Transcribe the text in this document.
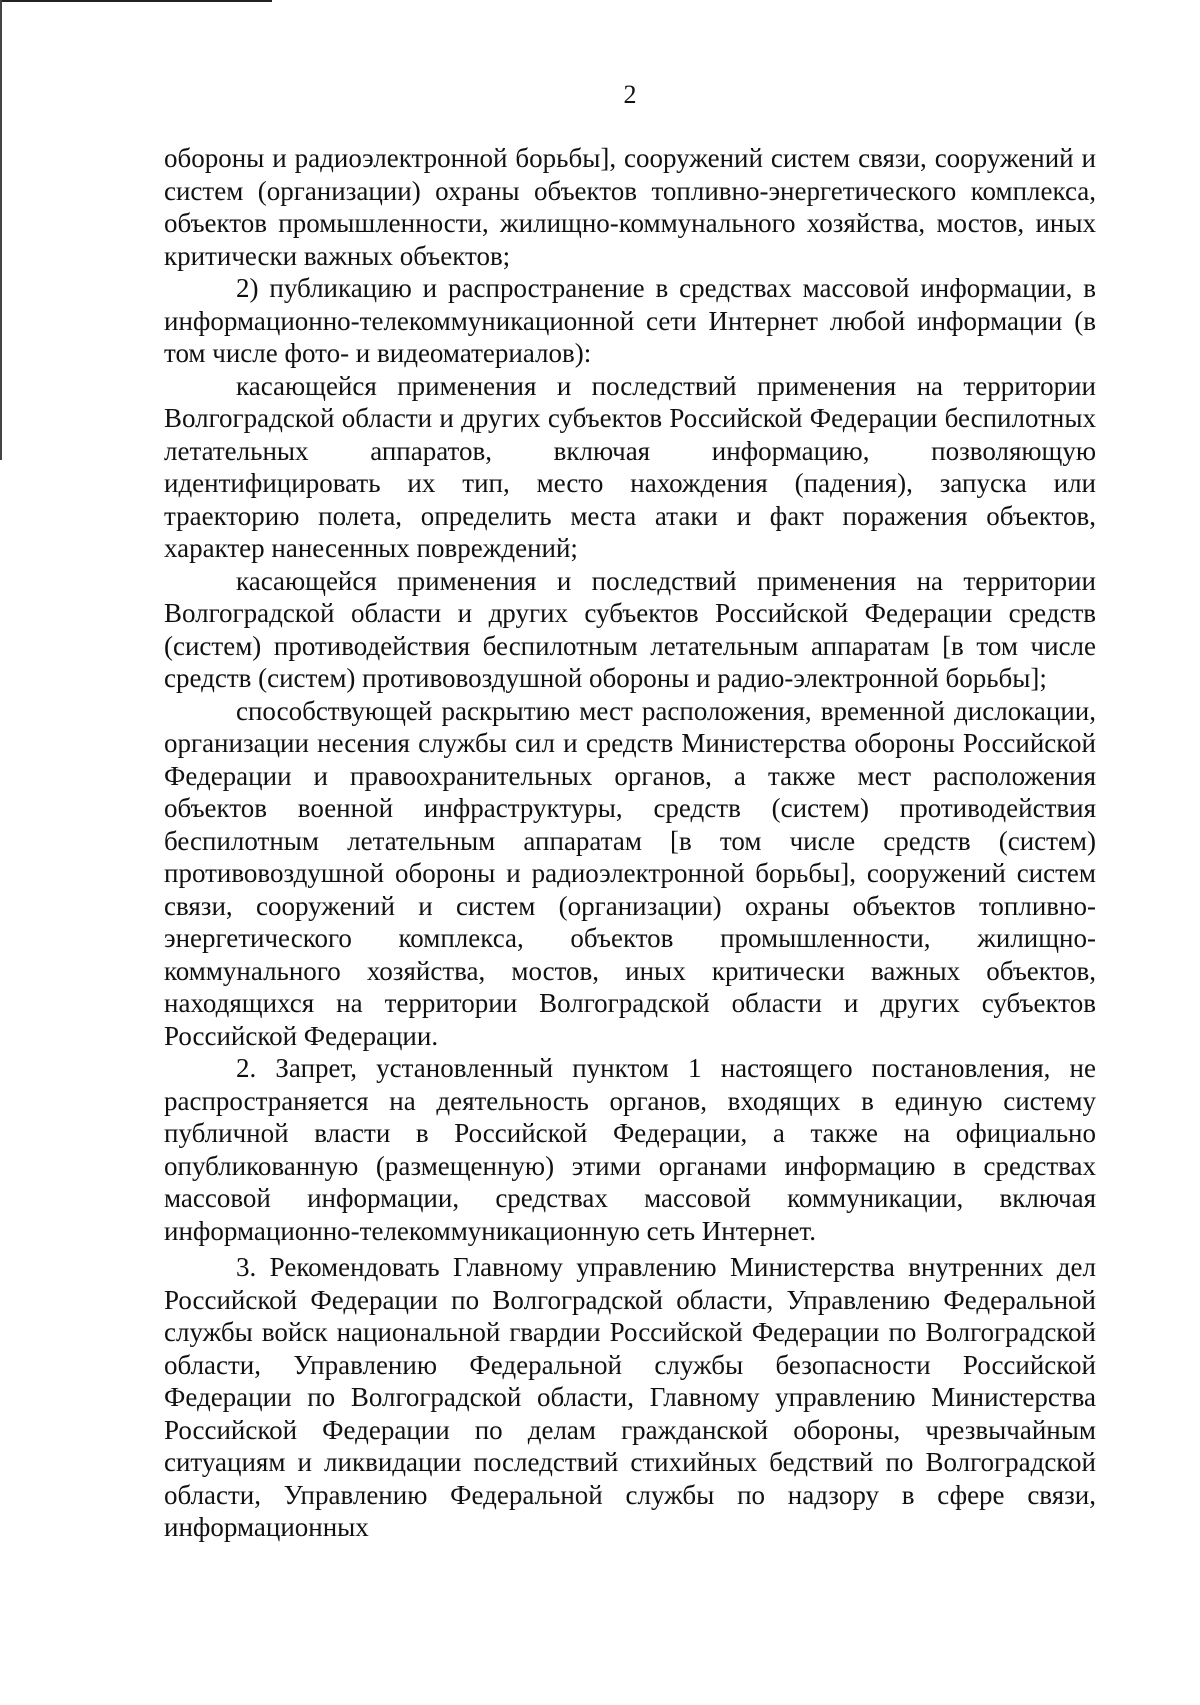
2

обороны и радиоэлектронной борьбы], сооружений систем связи, сооружений и систем (организации) охраны объектов топливно-энергетического комплекса, объектов промышленности, жилищно-коммунального хозяйства, мостов, иных критически важных объектов;

2) публикацию и распространение в средствах массовой информации, в информационно-телекоммуникационной сети Интернет любой информации (в том числе фото- и видеоматериалов):

касающейся применения и последствий применения на территории Волгоградской области и других субъектов Российской Федерации беспилотных летательных аппаратов, включая информацию, позволяющую идентифицировать их тип, место нахождения (падения), запуска или траекторию полета, определить места атаки и факт поражения объектов, характер нанесенных повреждений;

касающейся применения и последствий применения на территории Волгоградской области и других субъектов Российской Федерации средств (систем) противодействия беспилотным летательным аппаратам [в том числе средств (систем) противовоздушной обороны и радио-электронной борьбы];

способствующей раскрытию мест расположения, временной дислокации, организации несения службы сил и средств Министерства обороны Российской Федерации и правоохранительных органов, а также мест расположения объектов военной инфраструктуры, средств (систем) противодействия беспилотным летательным аппаратам [в том числе средств (систем) противовоздушной обороны и радиоэлектронной борьбы], сооружений систем связи, сооружений и систем (организации) охраны объектов топливно-энергетического комплекса, объектов промышленности, жилищно-коммунального хозяйства, мостов, иных критически важных объектов, находящихся на территории Волгоградской области и других субъектов Российской Федерации.

2. Запрет, установленный пунктом 1 настоящего постановления, не распространяется на деятельность органов, входящих в единую систему публичной власти в Российской Федерации, а также на официально опубликованную (размещенную) этими органами информацию в средствах массовой информации, средствах массовой коммуникации, включая информационно-телекоммуникационную сеть Интернет.

3. Рекомендовать Главному управлению Министерства внутренних дел Российской Федерации по Волгоградской области, Управлению Федеральной службы войск национальной гвардии Российской Федерации по Волгоградской области, Управлению Федеральной службы безопасности Российской Федерации по Волгоградской области, Главному управлению Министерства Российской Федерации по делам гражданской обороны, чрезвычайным ситуациям и ликвидации последствий стихийных бедствий по Волгоградской области, Управлению Федеральной службы по надзору в сфере связи, информационных
